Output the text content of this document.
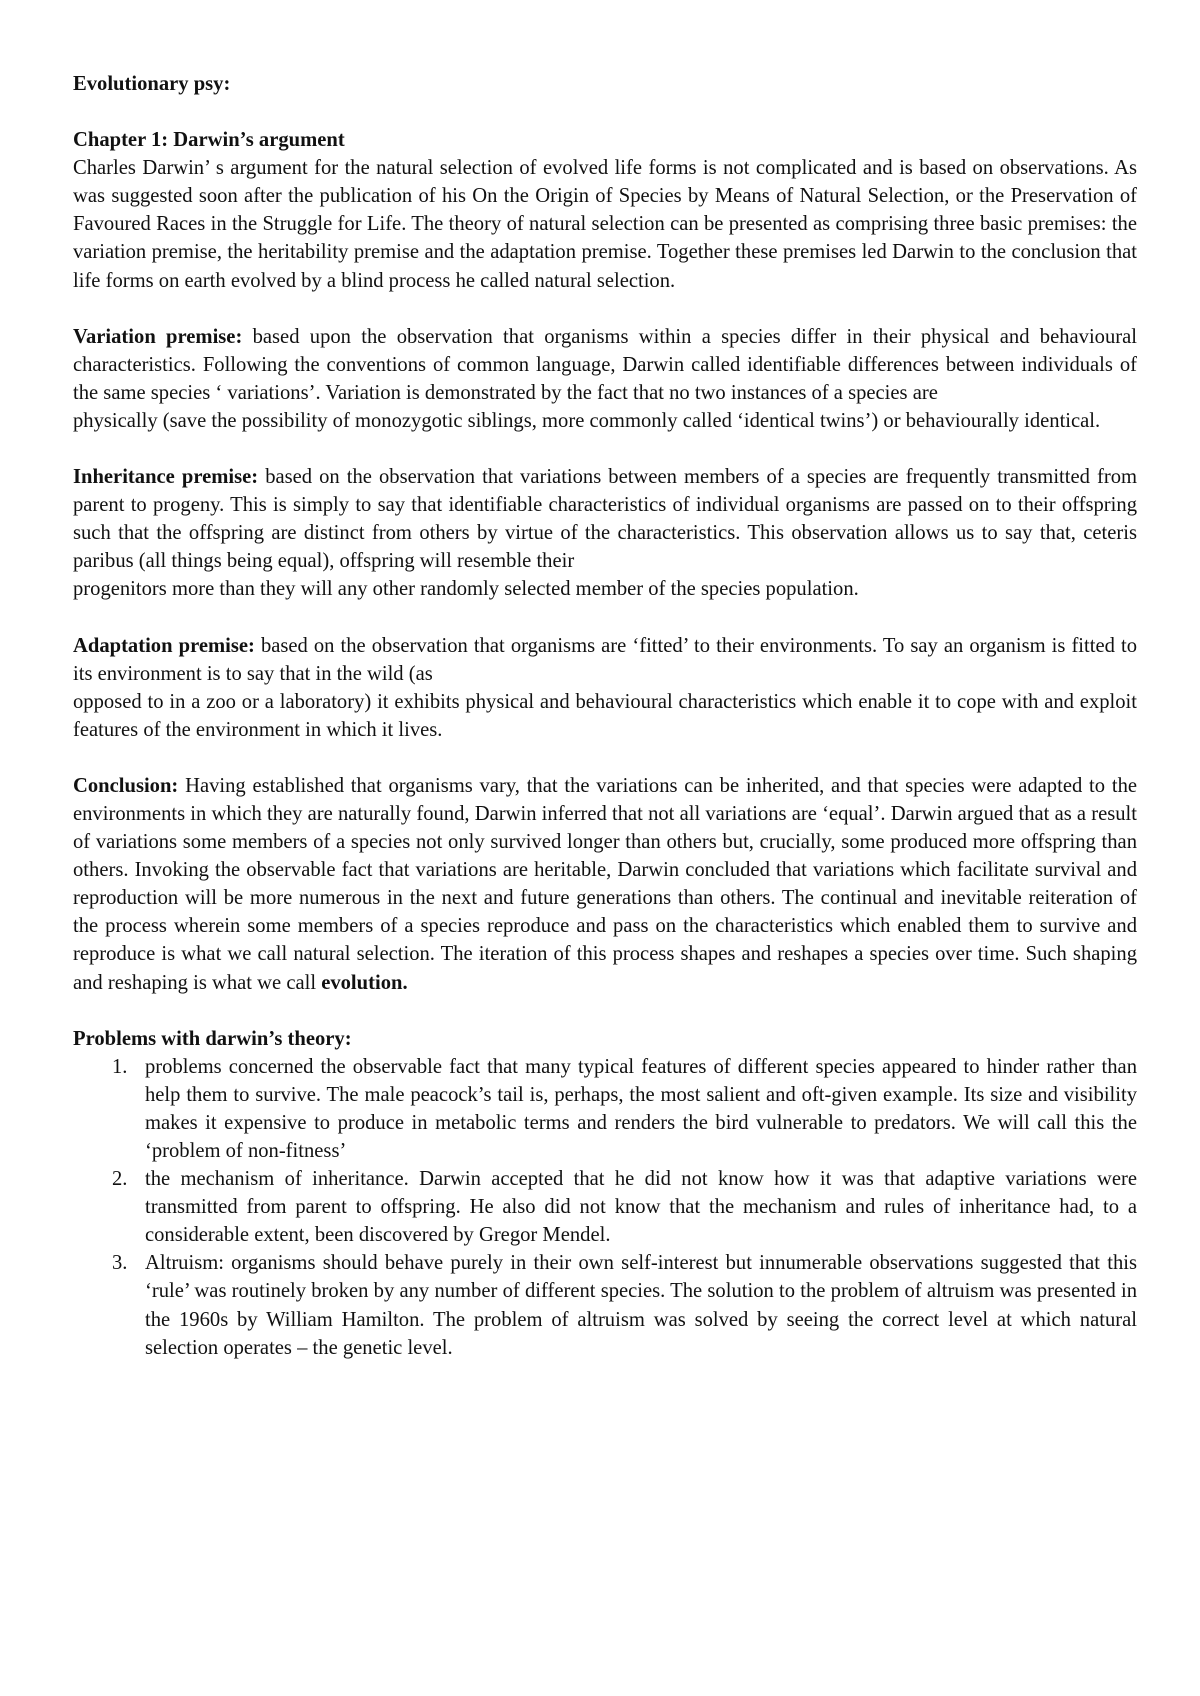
Evolutionary psy:
Chapter 1: Darwin’s argument

Charles Darwin’ s argument for the natural selection of evolved life forms is not complicated and is based on observations. As was suggested soon after the publication of his On the Origin of Species by Means of Natural Selection, or the Preservation of Favoured Races in the Struggle for Life. The theory of natural selection can be presented as comprising three basic premises: the variation premise, the heritability premise and the adaptation premise. Together these premises led Darwin to the conclusion that life forms on earth evolved by a blind process he called natural selection.

Variation premise: based upon the observation that organisms within a species differ in their physical and behavioural characteristics. Following the conventions of common language, Darwin called identifiable differences between individuals of the same species ‘ variations’. Variation is demonstrated by the fact that no two instances of a species are

physically (save the possibility of monozygotic siblings, more commonly called ‘identical twins’) or behaviourally identical.

Inheritance premise: based on the observation that variations between members of a species are frequently transmitted from parent to progeny. This is simply to say that identifiable characteristics of individual organisms are passed on to their offspring such that the offspring are distinct from others by virtue of the characteristics. This observation allows us to say that, ceteris paribus (all things being equal), offspring will resemble their

progenitors more than they will any other randomly selected member of the species population.

Adaptation premise: based on the observation that organisms are ‘fitted’ to their environments. To say an organism is fitted to its environment is to say that in the wild (as

opposed to in a zoo or a laboratory) it exhibits physical and behavioural characteristics which enable it to cope with and exploit features of the environment in which it lives.

Conclusion: Having established that organisms vary, that the variations can be inherited, and that species were adapted to the environments in which they are naturally found, Darwin inferred that not all variations are ‘equal’. Darwin argued that as a result of variations some members of a species not only survived longer than others but, crucially, some produced more offspring than others. Invoking the observable fact that variations are heritable, Darwin concluded that variations which facilitate survival and reproduction will be more numerous in the next and future generations than others. The continual and inevitable reiteration of the process wherein some members of a species reproduce and pass on the characteristics which enabled them to survive and reproduce is what we call natural selection. The iteration of this process shapes and reshapes a species over time. Such shaping and reshaping is what we call evolution.

Problems with darwin’s theory:
1. problems concerned the observable fact that many typical features of different species appeared to hinder rather than help them to survive. The male peacock’s tail is, perhaps, the most salient and oft-given example. Its size and visibility makes it expensive to produce in metabolic terms and renders the bird vulnerable to predators. We will call this the ‘problem of non-fitness’
2. the mechanism of inheritance. Darwin accepted that he did not know how it was that adaptive variations were transmitted from parent to offspring. He also did not know that the mechanism and rules of inheritance had, to a considerable extent, been discovered by Gregor Mendel.
3. Altruism: organisms should behave purely in their own self-interest but innumerable observations suggested that this ‘rule’ was routinely broken by any number of different species. The solution to the problem of altruism was presented in the 1960s by William Hamilton. The problem of altruism was solved by seeing the correct level at which natural selection operates – the genetic level.
